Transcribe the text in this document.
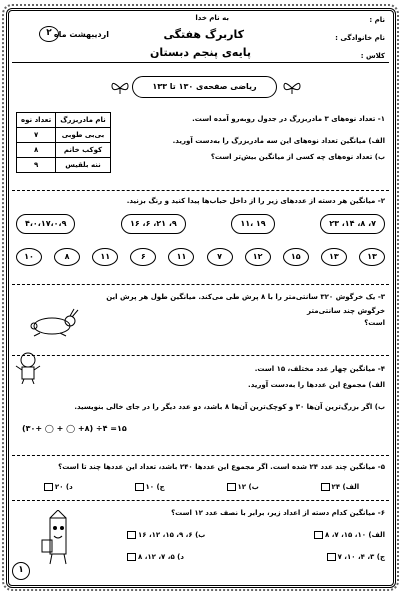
نام :
نام خانوادگی :
کلاس :
به نام خدا
کاربرگ هفتگی
پایه‌ی پنجم دبستان
اردیبهشت ماه
۲
ریاضی صفحه‌ی ۱۳۰ تا ۱۳۳
۱- تعداد نوه‌های ۳ مادربزرگ در جدول روبه‌رو آمده است.
الف) میانگین تعداد نوه‌های این سه مادربزرگ را به‌دست آورید.
ب) تعداد نوه‌های چه کسی از میانگین بیش‌تر است؟
نام مادربزرگ	تعداد نوه
بی‌بی طوبی	۷
کوکب خانم	۸
ننه بلقیس	۹
۲- میانگین هر دسته از عددهای زیر را از داخل حباب‌ها پیدا کنید و رنگ بزنید.
۷، ۸، ۱۴، ۲۳
۱۹ ،۱۱
۹، ۲۱، ۶، ۱۶
۴،۰،۱۷،۰،۹
۱۳
۱۳
۱۵
۱۲
۷
۱۱
۶
۱۱
۸
۱۰
۳- یک خرگوش ۳۲۰ سانتی‌متر را با ۸ پرش طی می‌کند. میانگین طول هر پرش این خرگوش چند سانتی‌متر
است؟
۴- میانگین چهار عدد مختلف، ۱۵ است.
الف) مجموع این عددها را به‌دست آورید.
ب) اگر بزرگ‌ترین آن‌ها ۳۰ و کوچک‌ترین آن‌ها ۸ باشد، دو عدد دیگر را در جای خالی بنویسید.
(۳۰+ ◯ + ◯ +۸) ÷۴ =۱۵
۵- میانگین چند عدد ۲۴ شده است. اگر مجموع این عددها ۲۴۰ باشد، تعداد این عددها چند تا است؟
الف) ۲۴
ب) ۱۲
ج) ۱۰
د) ۲۰
۶- میانگین کدام دسته از اعداد زیر، برابر با نصف عدد ۱۲ است؟
الف) ۱۰، ۱۵، ۷، ۸
ب) ۶، ۹، ۱۵، ۱۲، ۱۶
ج) ۳، ۴، ۱۰، ۷
د) ۵، ۷، ۱۲، ۸
۱
